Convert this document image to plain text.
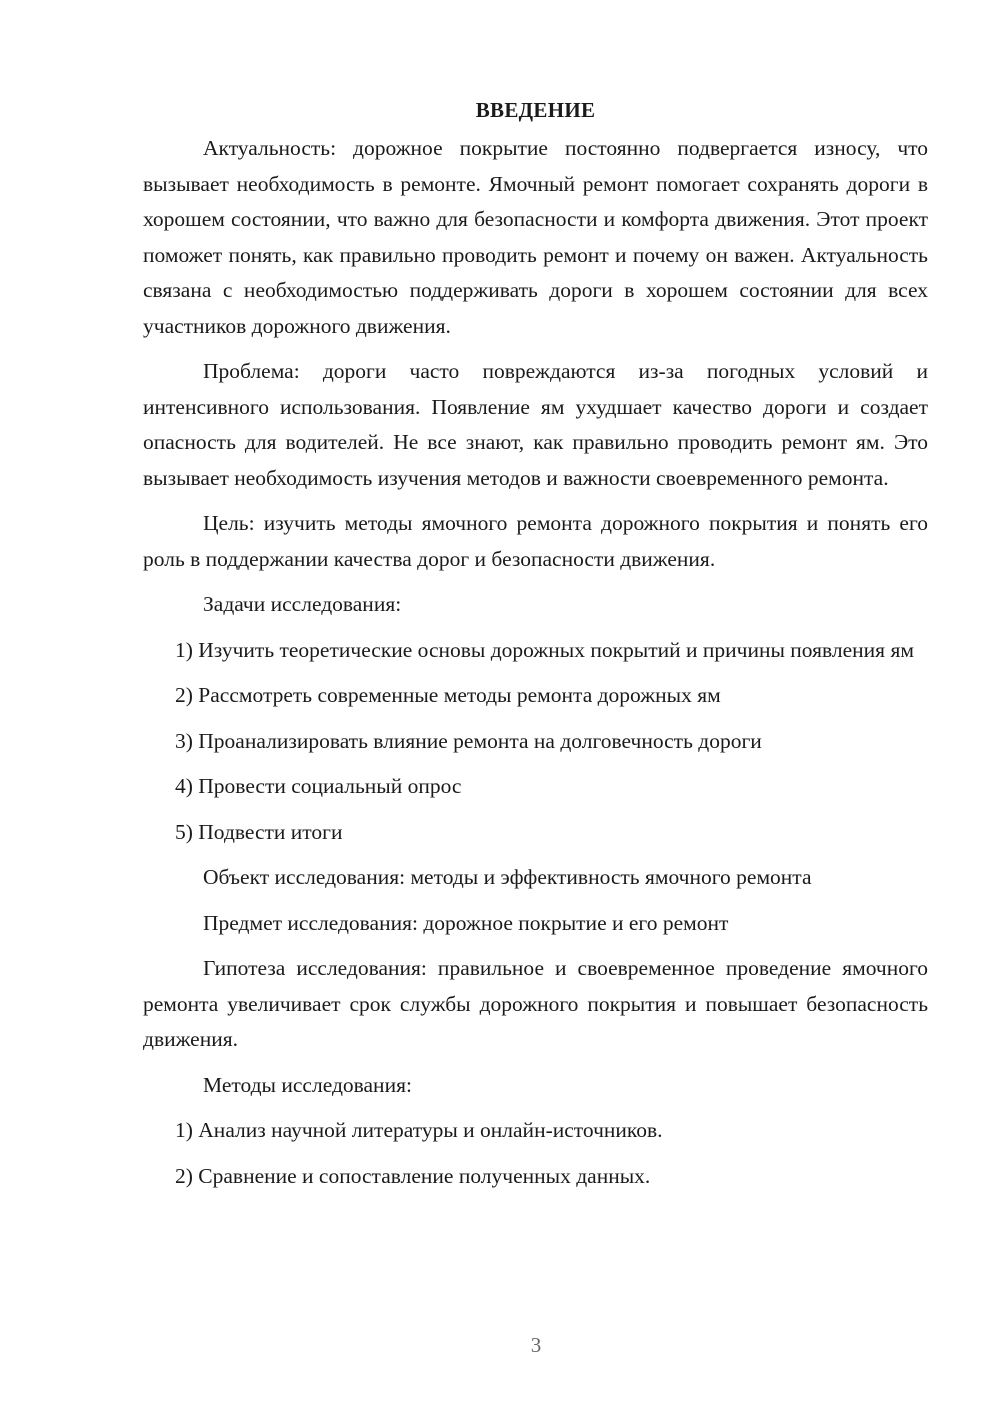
ВВЕДЕНИЕ

Актуальность: дорожное покрытие постоянно подвергается износу, что вызывает необходимость в ремонте. Ямочный ремонт помогает сохранять дороги в хорошем состоянии, что важно для безопасности и комфорта движения. Этот проект поможет понять, как правильно проводить ремонт и почему он важен. Актуальность связана с необходимостью поддерживать дороги в хорошем состоянии для всех участников дорожного движения.

Проблема: дороги часто повреждаются из-за погодных условий и интенсивного использования. Появление ям ухудшает качество дороги и создает опасность для водителей. Не все знают, как правильно проводить ремонт ям. Это вызывает необходимость изучения методов и важности своевременного ремонта.

Цель: изучить методы ямочного ремонта дорожного покрытия и понять его роль в поддержании качества дорог и безопасности движения.

Задачи исследования:

1) Изучить теоретические основы дорожных покрытий и причины появления ям

2) Рассмотреть современные методы ремонта дорожных ям

3) Проанализировать влияние ремонта на долговечность дороги

4) Провести социальный опрос

5) Подвести итоги

Объект исследования: методы и эффективность ямочного ремонта

Предмет исследования: дорожное покрытие и его ремонт

Гипотеза исследования: правильное и своевременное проведение ямочного ремонта увеличивает срок службы дорожного покрытия и повышает безопасность движения.

Методы исследования:

1) Анализ научной литературы и онлайн-источников.

2) Сравнение и сопоставление полученных данных.

3
